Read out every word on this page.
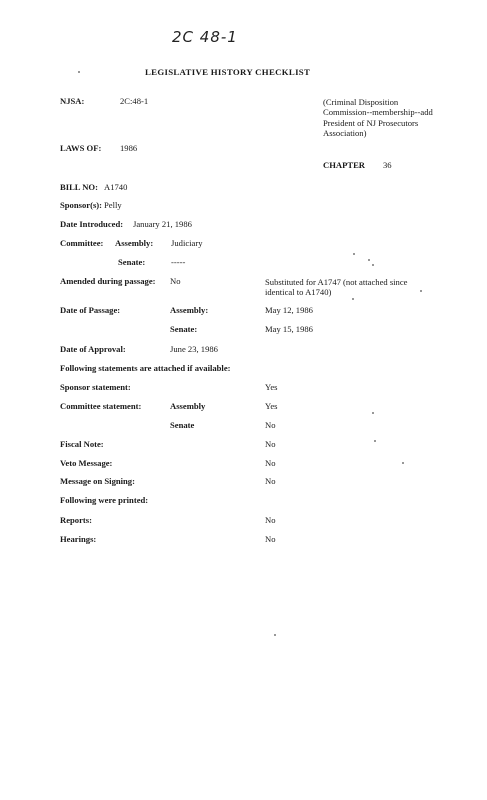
2C 48-1
LEGISLATIVE HISTORY CHECKLIST
NJSA:	2C:48-1	(Criminal Disposition Commission--membership--add President of NJ Prosecutors Association)
LAWS OF: 1986
CHAPTER 36
BILL NO: A1740
Sponsor(s): Pelly
Date Introduced: January 21, 1986
Committee: Assembly: Judiciary
Senate:	-----
Amended during passage: No	Substituted for A1747 (not attached since identical to A1740)
Date of Passage:	Assembly:	May 12, 1986
Senate:	May 15, 1986
Date of Approval:	June 23, 1986
Following statements are attached if available:
Sponsor statement:	Yes
Committee statement:	Assembly	Yes
Senate	No
Fiscal Note:	No
Veto Message:	No
Message on Signing:	No
Following were printed:
Reports:	No
Hearings:	No
